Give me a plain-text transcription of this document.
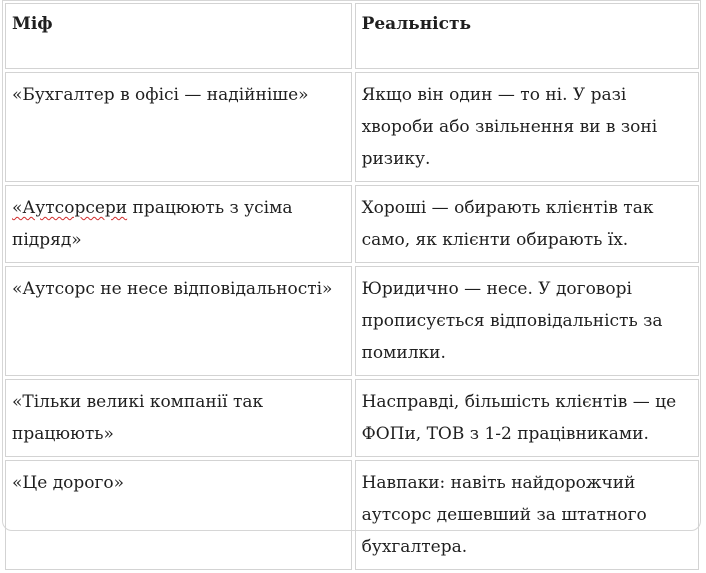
Міф	Реальність
«Бухгалтер в офісі — надійніше»	Якщо він один — то ні. У разі хвороби або звільнення ви в зоні ризику.
«Аутсорсери працюють з усіма підряд»	Хороші — обирають клієнтів так само, як клієнти обирають їх.
«Аутсорс не несе відповідальності»	Юридично — несе. У договорі прописується відповідальність за помилки.
«Тільки великі компанії так працюють»	Насправді, більшість клієнтів — це ФОПи, ТОВ з 1-2 працівниками.
«Це дорого»	Навпаки: навіть найдорожчий аутсорс дешевший за штатного бухгалтера.
